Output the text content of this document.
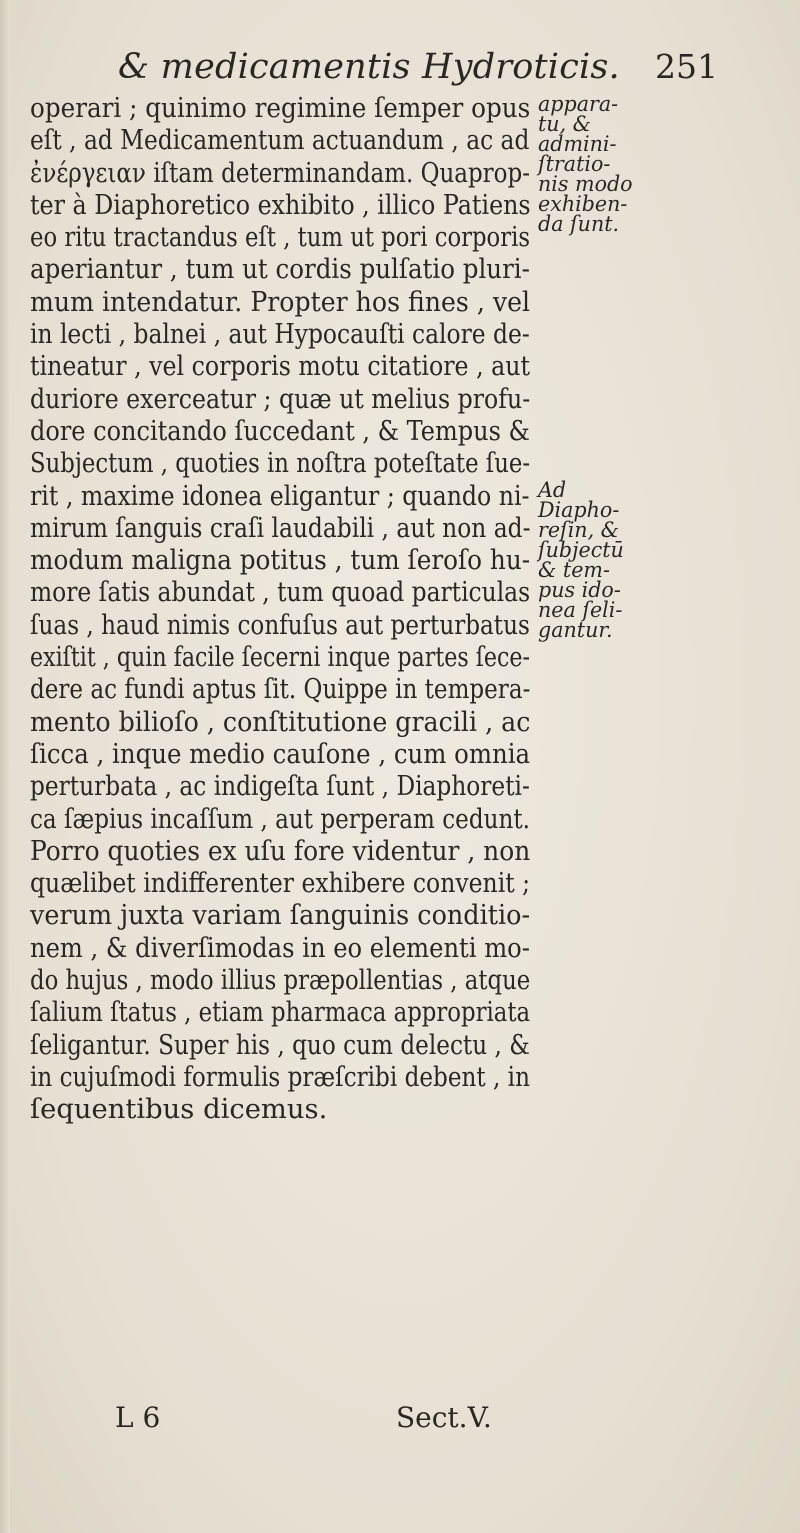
& medicamentis Hydroticis. 251
operari ; quinimo regimine ſemper opus
eſt , ad Medicamentum actuandum , ac ad
ἐνέργειαν iſtam determinandam. Quaprop-
ter à Diaphoretico exhibito , illico Patiens
eo ritu tractandus eſt , tum ut pori corporis
aperiantur , tum ut cordis pulſatio pluri-
mum intendatur. Propter hos fines , vel
in lecti , balnei , aut Hypocauſti calore de-
tineatur , vel corporis motu citatiore , aut
duriore exerceatur ; quæ ut melius profu-
dore concitando ſuccedant , & Tempus &
Subjectum , quoties in noſtra poteſtate ſue-
rit , maxime idonea eligantur ; quando ni-
mirum ſanguis craſi laudabili , aut non ad-
modum maligna potitus , tum ſeroſo hu-
more ſatis abundat , tum quoad particulas
ſuas , haud nimis confuſus aut perturbatus
exiſtit , quin facile ſecerni inque partes ſece-
dere ac fundi aptus ſit. Quippe in tempera-
mento bilioſo , conſtitutione gracili , ac
ſicca , inque medio cauſone , cum omnia
perturbata , ac indigeſta ſunt , Diaphoreti-
ca ſæpius incaſſum , aut perperam cedunt.
Porro quoties ex uſu fore videntur , non
quælibet indifferenter exhibere convenit ;
verum juxta variam ſanguinis conditio-
nem , & diverſimodas in eo elementi mo-
do hujus , modo illius præpollentias , atque
ſalium ſtatus , etiam pharmaca appropriata
ſeligantur. Super his , quo cum delectu , &
in cujuſmodi formulis præſcribi debent , in
ſequentibus dicemus.
appara-
tu, &
admini-
ſtratio-
nis modo
exhiben-
da ſunt.
Ad
Diapho-
reſin, &
ſubjectū
& tem-
pus ido-
nea ſeli-
gantur.
L 6	Sect.V.
